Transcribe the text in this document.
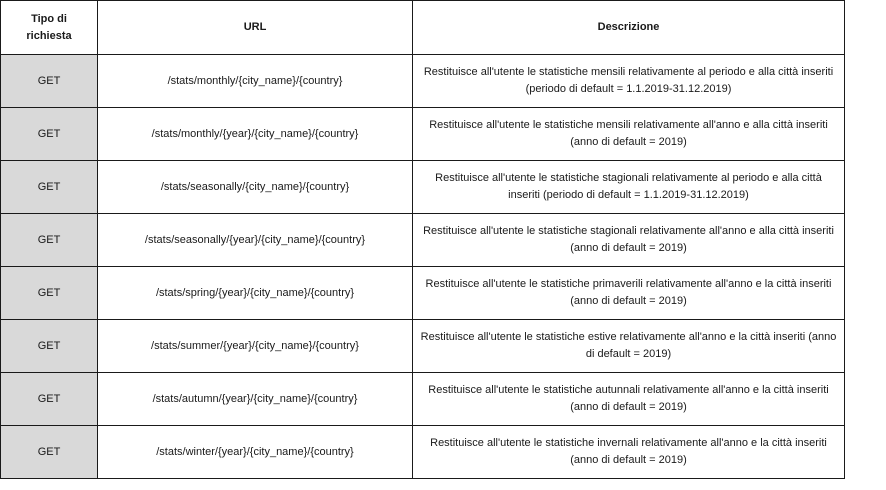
Tipo di richiesta	URL	Descrizione
GET	/stats/monthly/{city_name}/{country}	Restituisce all'utente le statistiche mensili relativamente al periodo e alla città inseriti (periodo di default = 1.1.2019-31.12.2019)
GET	/stats/monthly/{year}/{city_name}/{country}	Restituisce all'utente le statistiche mensili relativamente all'anno e alla città inseriti (anno di default = 2019)
GET	/stats/seasonally/{city_name}/{country}	Restituisce all'utente le statistiche stagionali relativamente al periodo e alla città inseriti (periodo di default = 1.1.2019-31.12.2019)
GET	/stats/seasonally/{year}/{city_name}/{country}	Restituisce all'utente le statistiche stagionali relativamente all'anno e alla città inseriti (anno di default = 2019)
GET	/stats/spring/{year}/{city_name}/{country}	Restituisce all'utente le statistiche primaverili relativamente all'anno e la città inseriti (anno di default = 2019)
GET	/stats/summer/{year}/{city_name}/{country}	Restituisce all'utente le statistiche estive relativamente all'anno e la città inseriti (anno di default = 2019)
GET	/stats/autumn/{year}/{city_name}/{country}	Restituisce all'utente le statistiche autunnali relativamente all'anno e la città inseriti (anno di default = 2019)
GET	/stats/winter/{year}/{city_name}/{country}	Restituisce all'utente le statistiche invernali relativamente all'anno e la città inseriti (anno di default = 2019)
